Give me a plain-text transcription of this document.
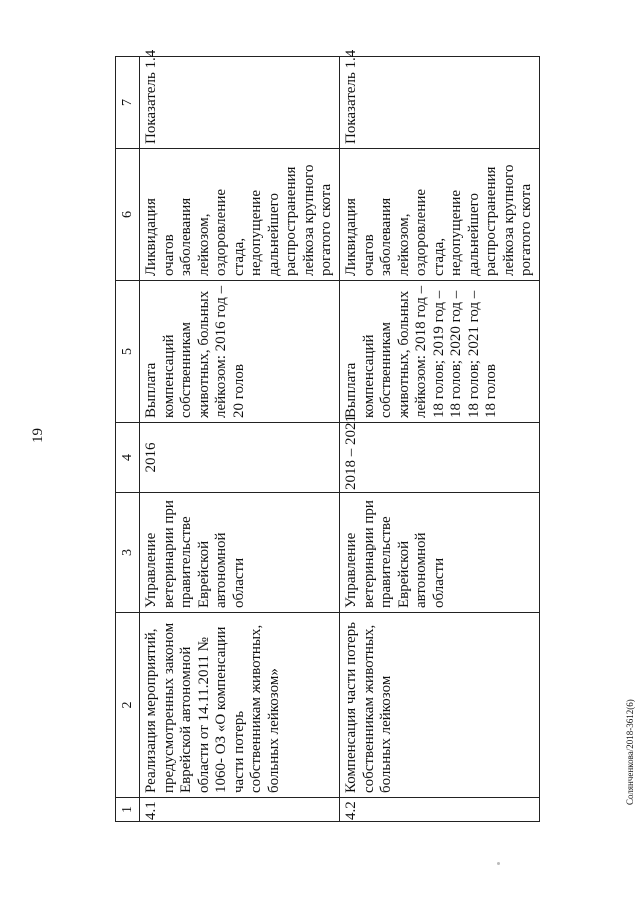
19
Солянченкова/2018-3612(6)
1	2	3	4	5	6	7
4.1	Реализация мероприятий, предусмотренных законом Еврейской автономной области от 14.11.2011 № 1060- ОЗ «О компенсации части потерь собственникам животных, больных лейкозом»	Управление ветеринарии при правительстве Еврейской автономной области	2016	Выплата компенсаций собственникам животных, больных лейкозом: 2016 год – 20 голов	Ликвидация очагов заболевания лейкозом, оздоровление стада, недопущение дальнейшего распространения лейкоза крупного рогатого скота	Показатель 1.4
4.2	Компенсация части потерь собственникам животных, больных лейкозом	Управление ветеринарии при правительстве Еврейской автономной области	2018 – 2021	Выплата компенсаций собственникам животных, больных лейкозом: 2018 год – 18 голов; 2019 год – 18 голов; 2020 год – 18 голов; 2021 год – 18 голов	Ликвидация очагов заболевания лейкозом, оздоровление стада, недопущение дальнейшего распространения лейкоза крупного рогатого скота	Показатель 1.4
